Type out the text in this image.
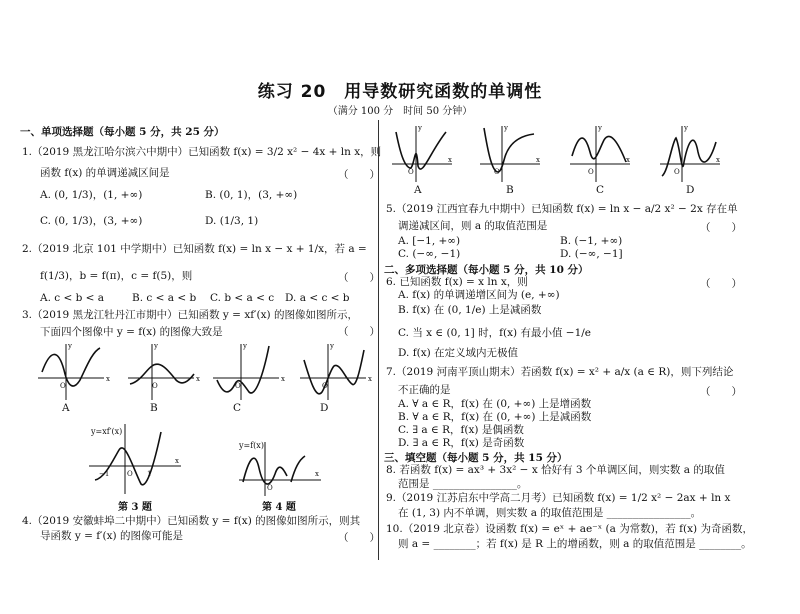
练习 20　用导数研究函数的单调性
（满分 100 分　时间 50 分钟）
一、单项选择题（每小题 5 分，共 25 分）
1.（2019 黑龙江哈尔滨六中期中）已知函数 f(x) = 3/2 x² − 4x + ln x，则
函数 f(x) 的单调递减区间是	（　　）
A. (0, 1/3)，(1, +∞)	B. (0, 1)，(3, +∞)
C. (0, 1/3)，(3, +∞)	D. (1/3, 1)
2.（2019 北京 101 中学期中）已知函数 f(x) = ln x − x + 1/x，若 a =
f(1/3)，b = f(π)，c = f(5)，则	（　　）
A. c < b < a	B. c < a < b C. b < a < c D. a < c < b
3.（2019 黑龙江牡丹江市期中）已知函数 y = xf′(x) 的图像如图所示，
下面四个图像中 y = f(x) 的图像大致是	（　　）
O
x
y
O
x
y
O
x
y
O
x
y
A	B	C	D
y=xf′(x)
x
−1	1
O
第 3 题
y=f(x)
x
O
第 4 题
4.（2019 安徽蚌埠二中期中）已知函数 y = f(x) 的图像如图所示，则其
导函数 y = f′(x) 的图像可能是	（　　）
y
x
O
y
x
O
y
x
O
y
x
O
A	B	C	D
5.（2019 江西宜春九中期中）已知函数 f(x) = ln x − a/2 x² − 2x 存在单
调递减区间，则 a 的取值范围是	（　　）
A. [−1, +∞)	B. (−1, +∞)
C. (−∞, −1)	D. (−∞, −1]
二、多项选择题（每小题 5 分，共 10 分）
6. 已知函数 f(x) = x ln x，则	（　　）
A. f(x) 的单调递增区间为 (e, +∞)
B. f(x) 在 (0, 1/e) 上是减函数
C. 当 x ∈ (0, 1] 时，f(x) 有最小值 −1/e
D. f(x) 在定义域内无极值
7.（2019 河南平顶山期末）若函数 f(x) = x² + a/x (a ∈ R)，则下列结论
不正确的是	（　　）
A. ∀ a ∈ R，f(x) 在 (0, +∞) 上是增函数
B. ∀ a ∈ R，f(x) 在 (0, +∞) 上是减函数
C. ∃ a ∈ R，f(x) 是偶函数
D. ∃ a ∈ R，f(x) 是奇函数
三、填空题（每小题 5 分，共 15 分）
8. 若函数 f(x) = ax³ + 3x² − x 恰好有 3 个单调区间，则实数 a 的取值
范围是 ________________。
9.（2019 江苏启东中学高二月考）已知函数 f(x) = 1/2 x² − 2ax + ln x
在 (1, 3) 内不单调，则实数 a 的取值范围是 ________________。
10.（2019 北京卷）设函数 f(x) = eˣ + ae⁻ˣ (a 为常数)，若 f(x) 为奇函数，
则 a = ________；若 f(x) 是 R 上的增函数，则 a 的取值范围是 ________。
